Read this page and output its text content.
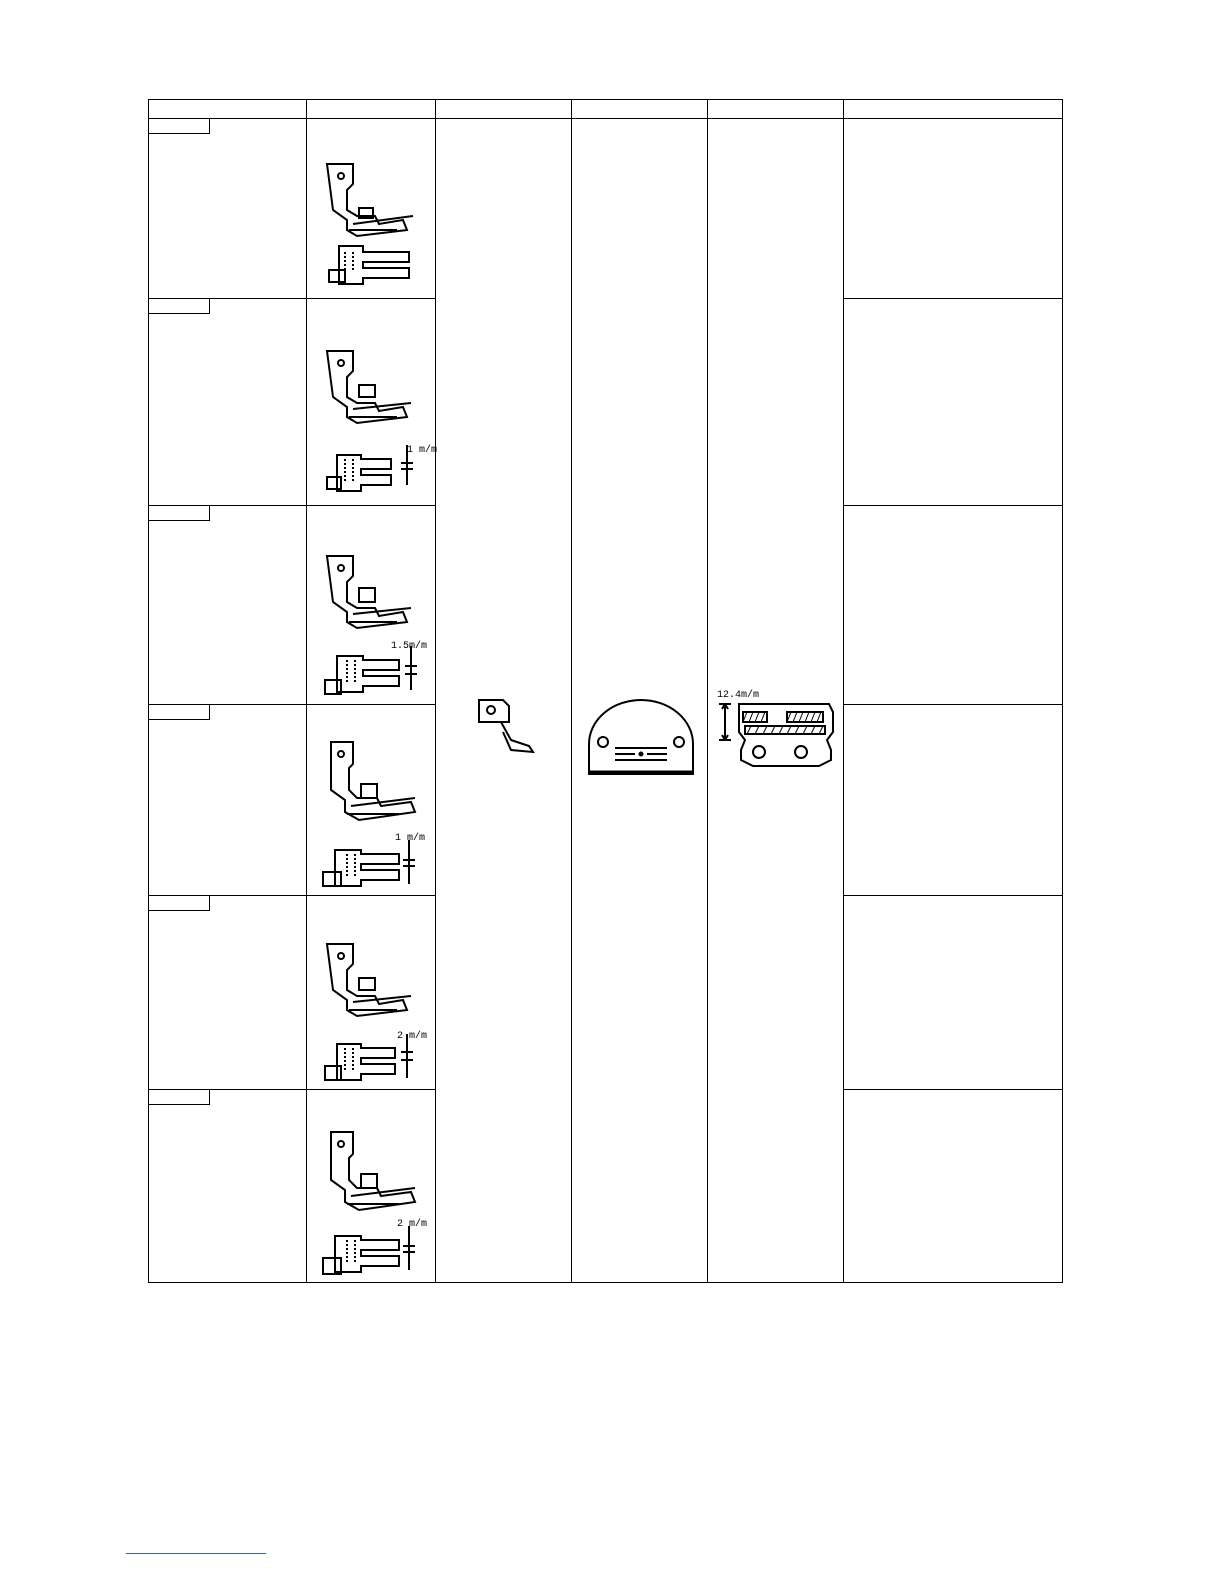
1 m/m
1.5m/m
1 m/m
2 m/m
2 m/m
12.4m/m
